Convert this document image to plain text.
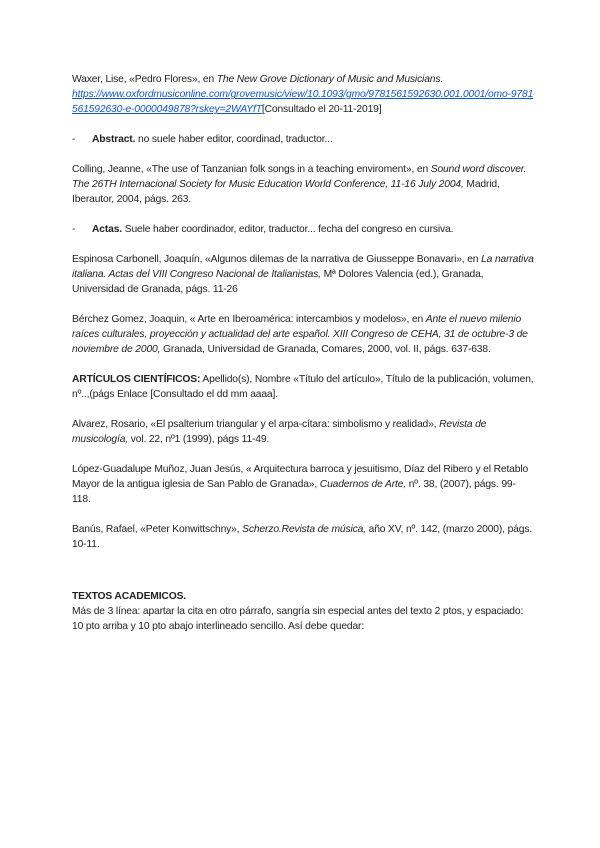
Waxer, Lise, «Pedro Flores», en The New Grove Dictionary of Music and Musicians.
https://www.oxfordmusiconline.com/grovemusic/view/10.1093/gmo/9781561592630.001.0001/omo-9781561592630-e-0000049878?rskey=2WAYfT[Consultado el 20-11-2019]

- Abstract. no suele haber editor, coordinad, traductor...

Colling, Jeanne, «The use of Tanzanian folk songs in a teaching enviroment», en Sound word discover. The 26TH Internacional Society for Music Education World Conference, 11-16 July 2004, Madrid, Iberautor, 2004, págs. 263.

- Actas. Suele haber coordinador, editor, traductor... fecha del congreso en cursiva.

Espinosa Carbonell, Joaquín, «Algunos dilemas de la narrativa de Giusseppe Bonavari», en La narrativa italiana. Actas del VIII Congreso Nacional de Italianistas, Mª Dolores Valencia (ed.), Granada, Universidad de Granada, págs. 11-26

Bérchez Gomez, Joaquin, « Arte en Iberoamérica: intercambios y modelos», en Ante el nuevo milenio raíces culturales, proyección y actualidad del arte español. XIII Congreso de CEHA, 31 de octubre-3 de noviembre de 2000, Granada, Universidad de Granada, Comares, 2000, vol. II, págs. 637-638.

ARTÍCULOS CIENTÍFICOS: Apellido(s), Nombre «Título del artículo», Título de la publicación, volumen, nº..,(págs Enlace [Consultado el dd mm aaaa].

Alvarez, Rosario, «El psalterium triangular y el arpa-cítara: simbolismo y realidad», Revista de musicología, vol. 22, nº1 (1999), págs 11-49.

López-Guadalupe Muñoz, Juan Jesús, « Arquitectura barroca y jesuitismo, Díaz del Ribero y el Retablo Mayor de la antigua iglesia de San Pablo de Granada», Cuadernos de Arte, nº. 38, (2007), págs. 99-118.

Banús, Rafael, «Peter Konwittschny», Scherzo.Revista de música, año XV, nº. 142, (marzo 2000), págs. 10-11.

TEXTOS ACADEMICOS.
Más de 3 línea: apartar la cita en otro párrafo, sangría sin especial antes del texto 2 ptos, y espaciado: 10 pto arriba y 10 pto abajo interlineado sencillo. Así debe quedar:
